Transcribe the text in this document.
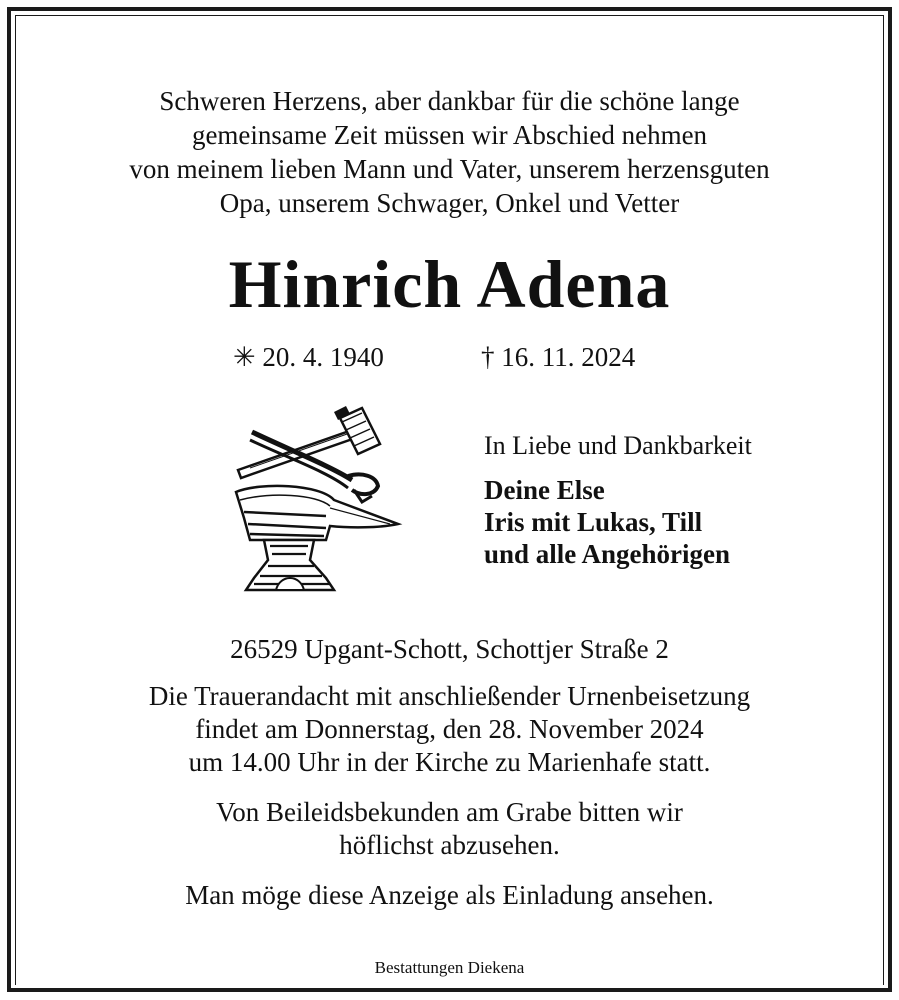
Schweren Herzens, aber dankbar für die schöne lange
gemeinsame Zeit müssen wir Abschied nehmen
von meinem lieben Mann und Vater, unserem herzensguten
Opa, unserem Schwager, Onkel und Vetter
Hinrich Adena
✳ 20. 4. 1940	† 16. 11. 2024
In Liebe und Dankbarkeit
Deine Else
Iris mit Lukas, Till
und alle Angehörigen
26529 Upgant-Schott, Schottjer Straße 2
Die Trauerandacht mit anschließender Urnenbeisetzung
findet am Donnerstag, den 28. November 2024
um 14.00 Uhr in der Kirche zu Marienhafe statt.
Von Beileidsbekunden am Grabe bitten wir
höflichst abzusehen.
Man möge diese Anzeige als Einladung ansehen.
Bestattungen Diekena
